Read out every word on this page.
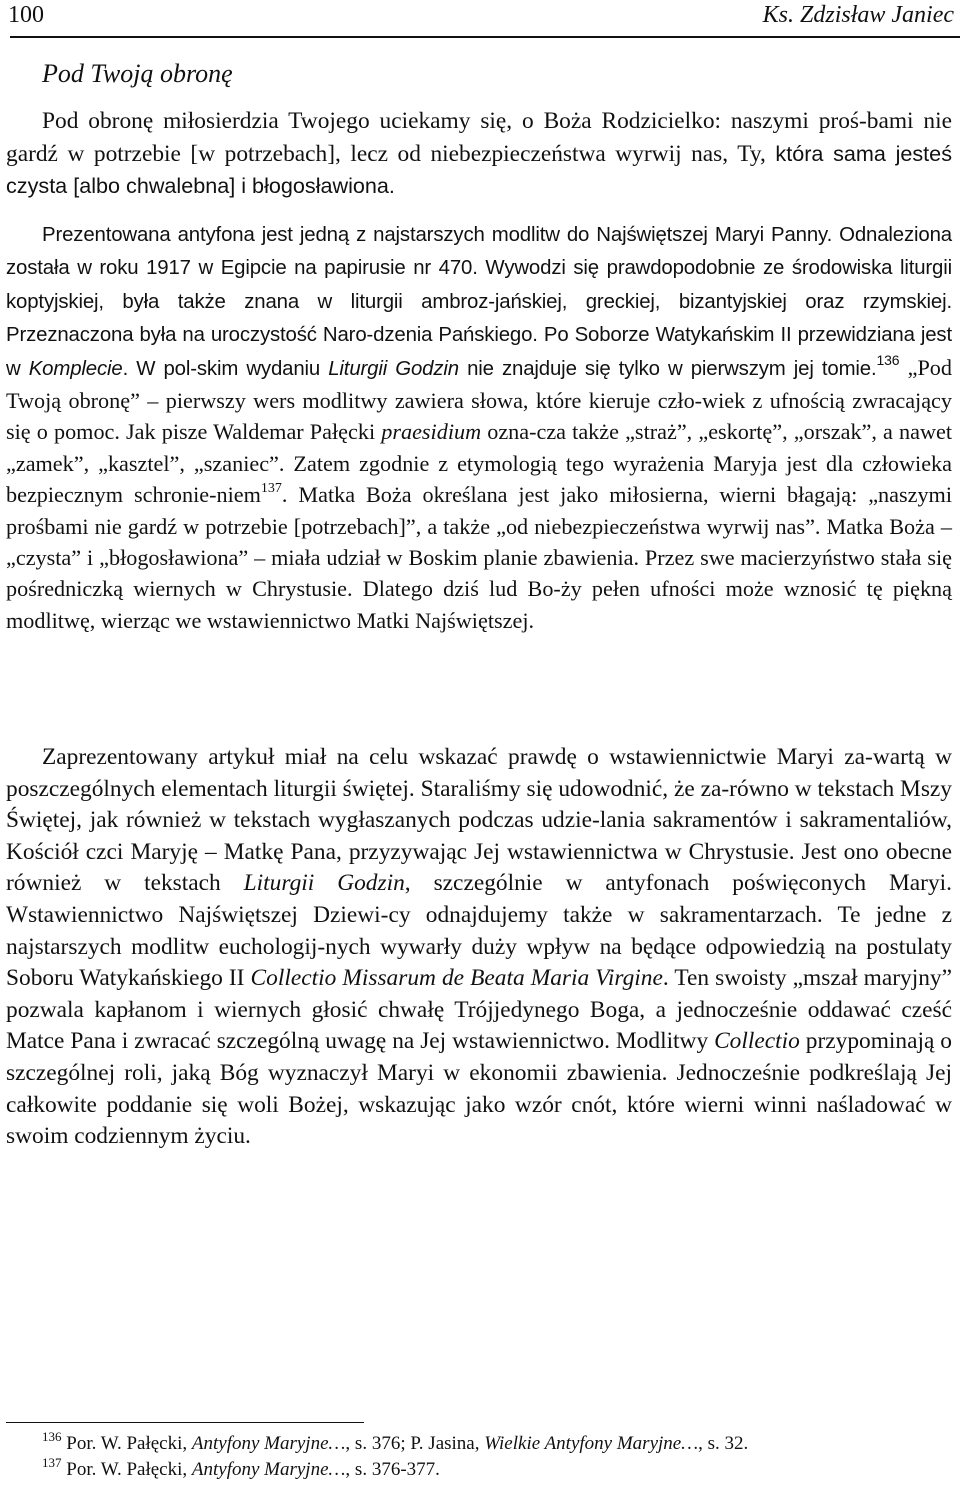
100	Ks. Zdzisław Janiec
Pod Twoją obronę

Pod obronę miłosierdzia Twojego uciekamy się, o Boża Rodzicielko: naszymi proś-bami nie gardź w potrzebie [w potrzebach], lecz od niebezpieczeństwa wyrwij nas, Ty, która sama jesteś czysta [albo chwalebna] i błogosławiona.

Prezentowana antyfona jest jedną z najstarszych modlitw do Najświętszej Maryi Panny. Odnaleziona została w roku 1917 w Egipcie na papirusie nr 470. Wywodzi się prawdopodobnie ze środowiska liturgii koptyjskiej, była także znana w liturgii ambroz-jańskiej, greckiej, bizantyjskiej oraz rzymskiej. Przeznaczona była na uroczystość Naro-dzenia Pańskiego. Po Soborze Watykańskim II przewidziana jest w Komplecie. W pol-skim wydaniu Liturgii Godzin nie znajduje się tylko w pierwszym jej tomie.$^{136}$ „Pod Twoją obronę” – pierwszy wers modlitwy zawiera słowa, które kieruje czło-wiek z ufnością zwracający się o pomoc. Jak pisze Waldemar Pałęcki praesidium ozna-cza także „straż”, „eskortę”, „orszak”, a nawet „zamek”, „kasztel”, „szaniec”. Zatem zgodnie z etymologią tego wyrażenia Maryja jest dla człowieka bezpiecznym schronie-niem$^{137}$. Matka Boża określana jest jako miłosierna, wierni błagają: „naszymi prośbami nie gardź w potrzebie [potrzebach]”, a także „od niebezpieczeństwa wyrwij nas”. Matka Boża – „czysta” i „błogosławiona” – miała udział w Boskim planie zbawienia. Przez swe macierzyństwo stała się pośredniczką wiernych w Chrystusie. Dlatego dziś lud Bo-ży pełen ufności może wznosić tę piękną modlitwę, wierząc we wstawiennictwo Matki Najświętszej.

Zaprezentowany artykuł miał na celu wskazać prawdę o wstawiennictwie Maryi za-wartą w poszczególnych elementach liturgii świętej. Staraliśmy się udowodnić, że za-równo w tekstach Mszy Świętej, jak również w tekstach wygłaszanych podczas udzie-lania sakramentów i sakramentaliów, Kościół czci Maryję – Matkę Pana, przyzywając Jej wstawiennictwa w Chrystusie. Jest ono obecne również w tekstach Liturgii Godzin, szczególnie w antyfonach poświęconych Maryi. Wstawiennictwo Najświętszej Dziewi-cy odnajdujemy także w sakramentarzach. Te jedne z najstarszych modlitw euchologij-nych wywarły duży wpływ na będące odpowiedzią na postulaty Soboru Watykańskiego II Collectio Missarum de Beata Maria Virgine. Ten swoisty „mszał maryjny” pozwala kapłanom i wiernych głosić chwałę Trójjedynego Boga, a jednocześnie oddawać cześć Matce Pana i zwracać szczególną uwagę na Jej wstawiennictwo. Modlitwy Collectio przypominają o szczególnej roli, jaką Bóg wyznaczył Maryi w ekonomii zbawienia. Jednocześnie podkreślają Jej całkowite poddanie się woli Bożej, wskazując jako wzór cnót, które wierni winni naśladować w swoim codziennym życiu.

$^{136}$ Por. W. Pałęcki, Antyfony Maryjne…, s. 376; P. Jasina, Wielkie Antyfony Maryjne…, s. 32.
$^{137}$ Por. W. Pałęcki, Antyfony Maryjne…, s. 376-377.
